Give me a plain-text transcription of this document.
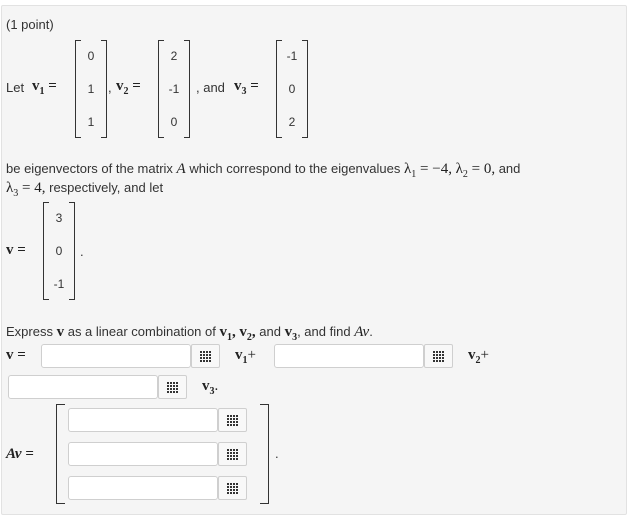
(1 point)
Let $v_1$ =
0
1
1
, $v_2$ =
2
-1
0
, and $v_3$ =
-1
0
2
be eigenvectors of the matrix A which correspond to the eigenvalues $\lambda_1 = -4$, $\lambda_2 = 0$, and
$\lambda_3 = 4$, respectively, and let
v =
3
0
-1
.
Express v as a linear combination of $v_1$, $v_2$, and $v_3$, and find Av.
v =	$v_1+$	$v_2+$
$v_3$.
Av =	.
